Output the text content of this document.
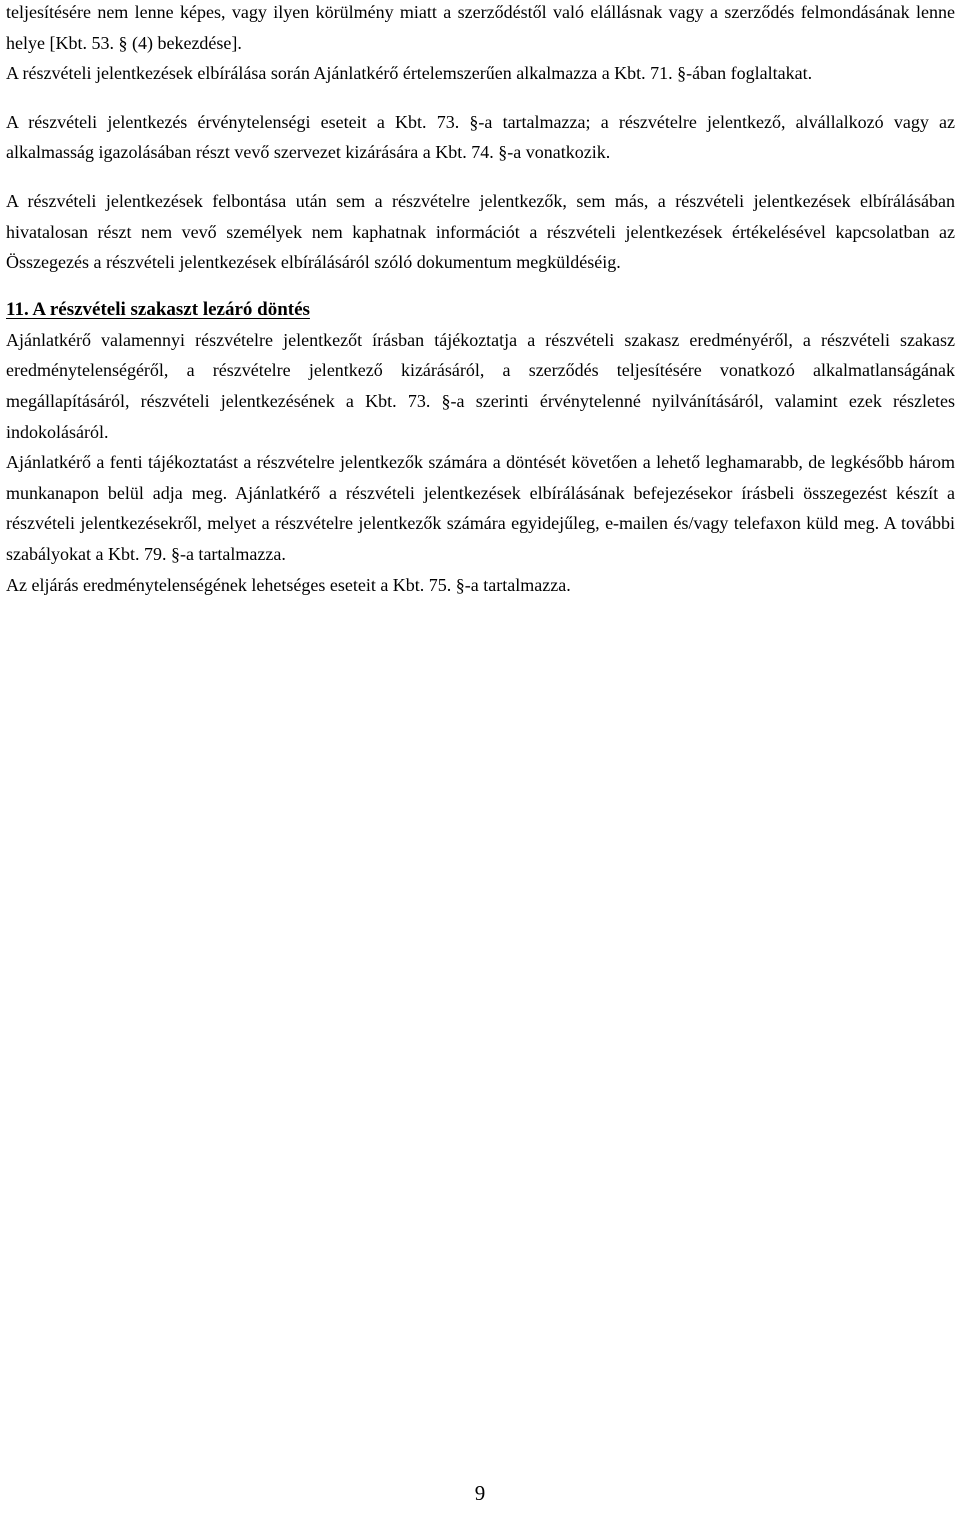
teljesítésére nem lenne képes, vagy ilyen körülmény miatt a szerződéstől való elállásnak vagy a szerződés felmondásának lenne helye [Kbt. 53. § (4) bekezdése].

A részvételi jelentkezések elbírálása során Ajánlatkérő értelemszerűen alkalmazza a Kbt. 71. §-ában foglaltakat.

A részvételi jelentkezés érvénytelenségi eseteit a Kbt. 73. §-a tartalmazza; a részvételre jelentkező, alvállalkozó vagy az alkalmasság igazolásában részt vevő szervezet kizárására a Kbt. 74. §-a vonatkozik.

A részvételi jelentkezések felbontása után sem a részvételre jelentkezők, sem más, a részvételi jelentkezések elbírálásában hivatalosan részt nem vevő személyek nem kaphatnak információt a részvételi jelentkezések értékelésével kapcsolatban az Összegezés a részvételi jelentkezések elbírálásáról szóló dokumentum megküldéséig.

11. A részvételi szakaszt lezáró döntés

Ajánlatkérő valamennyi részvételre jelentkezőt írásban tájékoztatja a részvételi szakasz eredményéről, a részvételi szakasz eredménytelenségéről, a részvételre jelentkező kizárásáról, a szerződés teljesítésére vonatkozó alkalmatlanságának megállapításáról, részvételi jelentkezésének a Kbt. 73. §-a szerinti érvénytelenné nyilvánításáról, valamint ezek részletes indokolásáról.

Ajánlatkérő a fenti tájékoztatást a részvételre jelentkezők számára a döntését követően a lehető leghamarabb, de legkésőbb három munkanapon belül adja meg. Ajánlatkérő a részvételi jelentkezések elbírálásának befejezésekor írásbeli összegezést készít a részvételi jelentkezésekről, melyet a részvételre jelentkezők számára egyidejűleg, e-mailen és/vagy telefaxon küld meg. A további szabályokat a Kbt. 79. §-a tartalmazza.

Az eljárás eredménytelenségének lehetséges eseteit a Kbt. 75. §-a tartalmazza.

9
